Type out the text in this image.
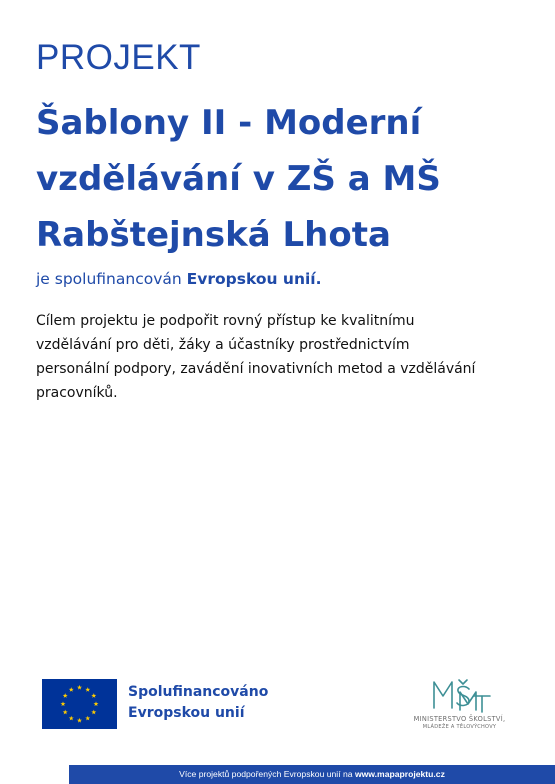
PROJEKT
Šablony II - Moderní
vzdělávání v ZŠ a MŠ
Rabštejnská Lhota
je spolufinancován Evropskou unií.
Cílem projektu je podpořit rovný přístup ke kvalitnímu
vzdělávání pro děti, žáky a účastníky prostřednictvím
personální podpory, zavádění inovativních metod a vzdělávání
pracovníků.
Spolufinancováno
Evropskou unií	MINISTERSTVO ŠKOLSTVÍ,
MLÁDEŽE A TĚLOVÝCHOVY
Více projektů podpořených Evropskou unií na www.mapaprojektu.cz
